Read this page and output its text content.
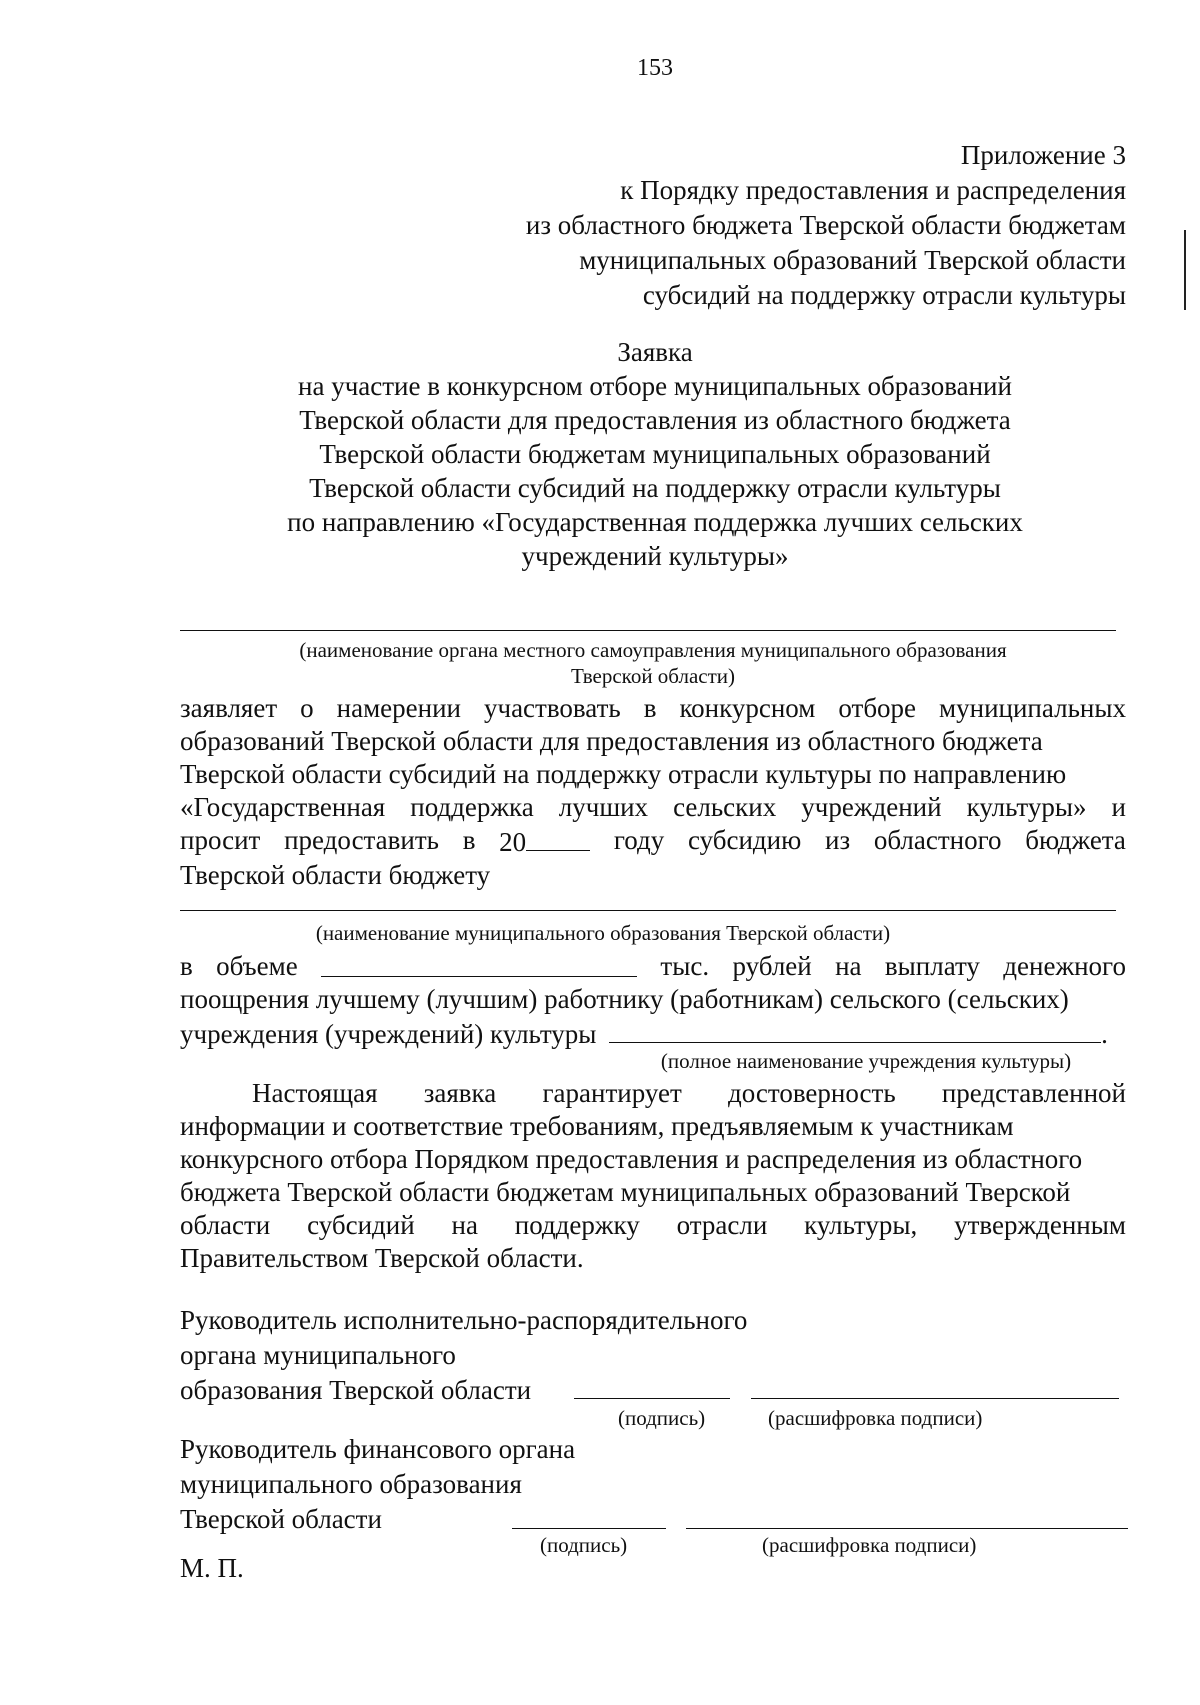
153
Приложение 3
к Порядку предоставления и распределения
из областного бюджета Тверской области бюджетам
муниципальных образований Тверской области
субсидий на поддержку отрасли культуры
Заявка
на участие в конкурсном отборе муниципальных образований
Тверской области для предоставления из областного бюджета
Тверской области бюджетам муниципальных образований
Тверской области субсидий на поддержку отрасли культуры
по направлению «Государственная поддержка лучших сельских
учреждений культуры»
(наименование органа местного самоуправления муниципального образования
Тверской области)
заявляет о намерении участвовать в конкурсном отборе муниципальных
образований Тверской области для предоставления из областного бюджета
Тверской области субсидий на поддержку отрасли культуры по направлению
«Государственная поддержка лучших сельских учреждений культуры» и
просит предоставить в 20	году субсидию из областного бюджета
Тверской области бюджету
(наименование муниципального образования Тверской области)
в объеме	тыс. рублей на выплату денежного
поощрения лучшему (лучшим) работнику (работникам) сельского (сельских)
учреждения (учреждений) культуры	.
(полное наименование учреждения культуры)
Настоящая заявка гарантирует достоверность представленной
информации и соответствие требованиям, предъявляемым к участникам
конкурсного отбора Порядком предоставления и распределения из областного
бюджета Тверской области бюджетам муниципальных образований Тверской
области субсидий на поддержку отрасли культуры, утвержденным
Правительством Тверской области.
Руководитель исполнительно-распорядительного
органа муниципального
образования Тверской области
(подпись)	(расшифровка подписи)
Руководитель финансового органа
муниципального образования
Тверской области
(подпись)	(расшифровка подписи)
М. П.
